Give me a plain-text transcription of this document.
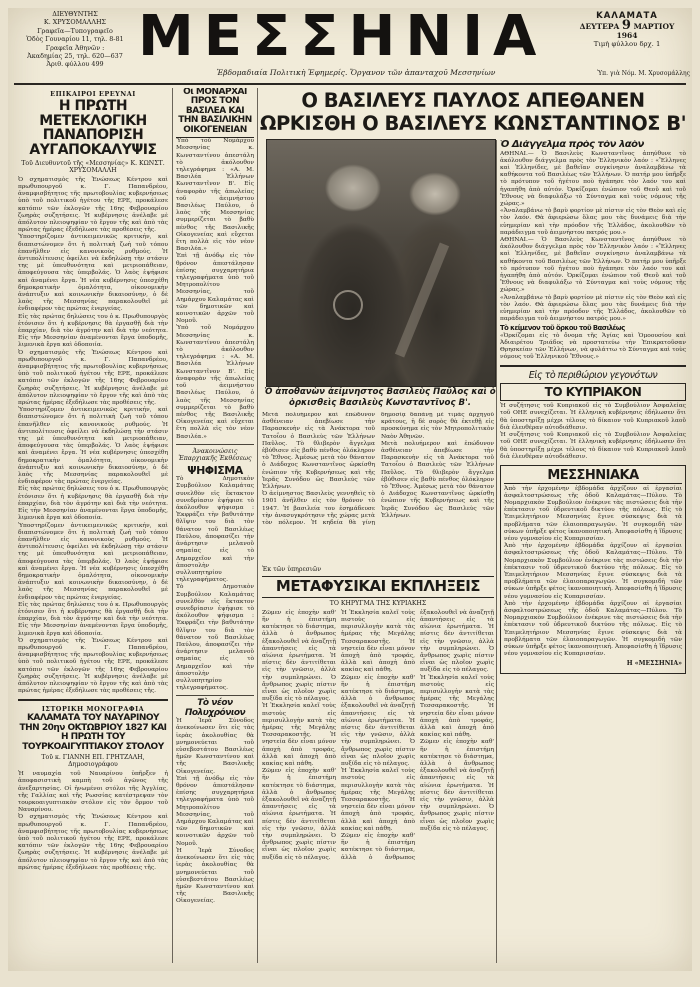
ΔΙΕΥΘΥΝΤΗΣ
Κ. ΧΡΥΣΟΜΑΛΛΗΣ
Γραφεῖα—Τυπογραφεῖο
Ὁδὸς Γουναρίου 11, τηλ. 8-81
Γραφεῖα Ἀθηνῶν :
Ἀκαδημίας 25, τηλ. 620—637
Ἀριθ. φύλλου 499 ΜΕΣΣΗΝΙΑ
Ἑβδομαδιαία Πολιτικὴ Ἐφημερίς. Ὄργανον τῶν ἁπανταχοῦ Μεσσηνίων
ΚΑΛΑΜΑΤΑ
ΔΕΥΤΕΡΑ 9 ΜΑΡΤΙΟΥ
1964
Τιμὴ φύλλου δρχ. 1
Ὑπ. γιὰ Νόμ. Μ. Χρυσομάλλης
ΕΠΙΚΑΙΡΟΙ ΕΡΕΥΝΑΙ
Η ΠΡΩΤΗ ΜΕΤΕΚΛΟΓΙΚΗ ΠΑΝΑΠΟΡΙΣΗ ΑΥΓΑΠΟΚΑΛΥΨΙΣ
Τοῦ Διευθυντοῦ τῆς «Μεσσηνίας» Κ. ΚΩΝΣΤ. ΧΡΥΣΟΜΑΛΛΗ

Ὁ σχηματισμὸς τῆς Ἑνώσεως Κέντρου καὶ πρωθυπουργοῦ κ. Γ. Παπανδρέου, ἀναμφισβήτητος τῆς πρωτοβουλίας κυβερνήσεως ὑπὸ τοῦ πολιτικοῦ ἡγέτου τῆς ΕΡΕ, προκάλεσε κατόπιν τῶν ἐκλογῶν τῆς 16ης Φεβρουαρίου ζωηρὰς συζητήσεις. Ἡ κυβέρνησις ἀνέλαβε μὲ ἀπόλυτον πλειοψηφίαν τὸ ἔργον τῆς καὶ ἀπὸ τὰς πρώτας ἡμέρας ἐξεδήλωσε τὰς προθέσεις τῆς.

Ὑποστηρίζομεν ἀντικειμενικῶς κριτικήν, καὶ διαπιστώνομεν ὅτι ἡ πολιτικὴ ζωὴ τοῦ τόπου ἐπανῆλθεν εἰς κανονικοὺς ρυθμούς. Ἡ ἀντιπολίτευσις ὀφείλει νὰ ἐκδηλώσῃ τὴν στάσιν της μὲ ὑπευθυνότητα καὶ μετριοπάθειαν, ἀποφεύγουσα τὰς ὑπερβολάς. Ὁ λαὸς ἐψήφισε καὶ ἀναμένει ἔργα. Ἡ νέα κυβέρνησις ὑπεσχέθη δημοκρατικὴν ὁμαλότητα, οἰκονομικὴν ἀνάπτυξιν καὶ κοινωνικὴν δικαιοσύνην, ὁ δὲ λαὸς τῆς Μεσσηνίας παρακολουθεῖ μὲ ἐνδιαφέρον τὰς πρώτας ἐνεργείας.

Εἰς τὰς πρώτας δηλώσεις του ὁ κ. Πρωθυπουργὸς ἐτόνισεν ὅτι ἡ κυβέρνησις θὰ ἐργασθῇ διὰ τὴν ἐπαρχίαν, διὰ τὸν ἀγρότην καὶ διὰ τὴν νεότητα. Εἰς τὴν Μεσσηνίαν ἀναμένονται ἔργα ὑποδομῆς, λιμενικὰ ἔργα καὶ ὁδοποιία.

Ὁ σχηματισμὸς τῆς Ἑνώσεως Κέντρου καὶ πρωθυπουργοῦ κ. Γ. Παπανδρέου, ἀναμφισβήτητος τῆς πρωτοβουλίας κυβερνήσεως ὑπὸ τοῦ πολιτικοῦ ἡγέτου τῆς ΕΡΕ, προκάλεσε κατόπιν τῶν ἐκλογῶν τῆς 16ης Φεβρουαρίου ζωηρὰς συζητήσεις. Ἡ κυβέρνησις ἀνέλαβε μὲ ἀπόλυτον πλειοψηφίαν τὸ ἔργον τῆς καὶ ἀπὸ τὰς πρώτας ἡμέρας ἐξεδήλωσε τὰς προθέσεις τῆς.

Ὑποστηρίζομεν ἀντικειμενικῶς κριτικήν, καὶ διαπιστώνομεν ὅτι ἡ πολιτικὴ ζωὴ τοῦ τόπου ἐπανῆλθεν εἰς κανονικοὺς ρυθμούς. Ἡ ἀντιπολίτευσις ὀφείλει νὰ ἐκδηλώσῃ τὴν στάσιν της μὲ ὑπευθυνότητα καὶ μετριοπάθειαν, ἀποφεύγουσα τὰς ὑπερβολάς. Ὁ λαὸς ἐψήφισε καὶ ἀναμένει ἔργα. Ἡ νέα κυβέρνησις ὑπεσχέθη δημοκρατικὴν ὁμαλότητα, οἰκονομικὴν ἀνάπτυξιν καὶ κοινωνικὴν δικαιοσύνην, ὁ δὲ λαὸς τῆς Μεσσηνίας παρακολουθεῖ μὲ ἐνδιαφέρον τὰς πρώτας ἐνεργείας.

Εἰς τὰς πρώτας δηλώσεις του ὁ κ. Πρωθυπουργὸς ἐτόνισεν ὅτι ἡ κυβέρνησις θὰ ἐργασθῇ διὰ τὴν ἐπαρχίαν, διὰ τὸν ἀγρότην καὶ διὰ τὴν νεότητα. Εἰς τὴν Μεσσηνίαν ἀναμένονται ἔργα ὑποδομῆς, λιμενικὰ ἔργα καὶ ὁδοποιία.

Ὑποστηρίζομεν ἀντικειμενικῶς κριτικήν, καὶ διαπιστώνομεν ὅτι ἡ πολιτικὴ ζωὴ τοῦ τόπου ἐπανῆλθεν εἰς κανονικοὺς ρυθμούς. Ἡ ἀντιπολίτευσις ὀφείλει νὰ ἐκδηλώσῃ τὴν στάσιν της μὲ ὑπευθυνότητα καὶ μετριοπάθειαν, ἀποφεύγουσα τὰς ὑπερβολάς. Ὁ λαὸς ἐψήφισε καὶ ἀναμένει ἔργα. Ἡ νέα κυβέρνησις ὑπεσχέθη δημοκρατικὴν ὁμαλότητα, οἰκονομικὴν ἀνάπτυξιν καὶ κοινωνικὴν δικαιοσύνην, ὁ δὲ λαὸς τῆς Μεσσηνίας παρακολουθεῖ μὲ ἐνδιαφέρον τὰς πρώτας ἐνεργείας.

Εἰς τὰς πρώτας δηλώσεις του ὁ κ. Πρωθυπουργὸς ἐτόνισεν ὅτι ἡ κυβέρνησις θὰ ἐργασθῇ διὰ τὴν ἐπαρχίαν, διὰ τὸν ἀγρότην καὶ διὰ τὴν νεότητα. Εἰς τὴν Μεσσηνίαν ἀναμένονται ἔργα ὑποδομῆς, λιμενικὰ ἔργα καὶ ὁδοποιία.

Ὁ σχηματισμὸς τῆς Ἑνώσεως Κέντρου καὶ πρωθυπουργοῦ κ. Γ. Παπανδρέου, ἀναμφισβήτητος τῆς πρωτοβουλίας κυβερνήσεως ὑπὸ τοῦ πολιτικοῦ ἡγέτου τῆς ΕΡΕ, προκάλεσε κατόπιν τῶν ἐκλογῶν τῆς 16ης Φεβρουαρίου ζωηρὰς συζητήσεις. Ἡ κυβέρνησις ἀνέλαβε μὲ ἀπόλυτον πλειοψηφίαν τὸ ἔργον τῆς καὶ ἀπὸ τὰς πρώτας ἡμέρας ἐξεδήλωσε τὰς προθέσεις τῆς.

ΙΣΤΟΡΙΚΗ ΜΟΝΟΓΡΑΦΙΑ
ΚΑΛΑΜΑΤΑ ΤΟΥ ΝΑΥΑΡΙΝΟΥ ΤΗΝ 20ην ΟΚΤΩΒΡΙΟΥ 1827 ΚΑΙ Η ΠΡΩΤΗ ΤΟΥ ΤΟΥΡΚΟΑΙΓΥΠΤΙΑΚΟΥ ΣΤΟΛΟΥ
Τοῦ κ. ΓΙΑΝΝΗ ΕΠ. ΓΡΗΤΖΑΛΗ, Δημοσιογράφου

Ἡ ναυμαχία τοῦ Ναυαρίνου ὑπῆρξεν ἡ ἀποφασιστικὴ καμπὴ τοῦ ἀγῶνος τῆς ἀνεξαρτησίας. Οἱ ἡνωμένοι στόλοι τῆς Ἀγγλίας, τῆς Γαλλίας καὶ τῆς Ρωσσίας κατέστρεψαν τὸν τουρκοαιγυπτιακὸν στόλον εἰς τὸν ὅρμον τοῦ Ναυαρίνου.

Ὁ σχηματισμὸς τῆς Ἑνώσεως Κέντρου καὶ πρωθυπουργοῦ κ. Γ. Παπανδρέου, ἀναμφισβήτητος τῆς πρωτοβουλίας κυβερνήσεως ὑπὸ τοῦ πολιτικοῦ ἡγέτου τῆς ΕΡΕ, προκάλεσε κατόπιν τῶν ἐκλογῶν τῆς 16ης Φεβρουαρίου ζωηρὰς συζητήσεις. Ἡ κυβέρνησις ἀνέλαβε μὲ ἀπόλυτον πλειοψηφίαν τὸ ἔργον τῆς καὶ ἀπὸ τὰς πρώτας ἡμέρας ἐξεδήλωσε τὰς προθέσεις τῆς.

Οἱ ΜΟΝΑΡΧΑΙ ΠΡΟΣ ΤΟΝ ΒΑΣΙΛΕΑ ΚΑΙ ΤΗΝ ΒΑΣΙΛΙΚΗΝ ΟΙΚΟΓΕΝΕΙΑΝ

Ὑπὸ τοῦ Νομάρχου Μεσσηνίας κ. Κωνσταντίνου ἀπεστάλη τὸ ἀκόλουθον τηλεγράφημα : «Α. Μ. Βασιλέα Ἑλλήνων Κωνσταντῖνον Β'. Εἰς ἀναφορὰν τῆς ἀπωλείας τοῦ ἀειμνήστου Βασιλέως Παύλου, ὁ λαὸς τῆς Μεσσηνίας συμμερίζεται τὸ βαθὺ πένθος τῆς Βασιλικῆς Οἰκογενείας καὶ εὔχεται ἔτη πολλὰ εἰς τὸν νέον Βασιλέα.»

Ἐπὶ τῇ ἀνόδῳ εἰς τὸν θρόνον ἀπεστάλησαν ἐπίσης συγχαρητήρια τηλεγραφήματα ὑπὸ τοῦ Μητροπολίτου Μεσσηνίας, τοῦ Δημάρχου Καλαμάτας καὶ τῶν δημοτικῶν καὶ κοινοτικῶν ἀρχῶν τοῦ Νομοῦ.

Ὑπὸ τοῦ Νομάρχου Μεσσηνίας κ. Κωνσταντίνου ἀπεστάλη τὸ ἀκόλουθον τηλεγράφημα : «Α. Μ. Βασιλέα Ἑλλήνων Κωνσταντῖνον Β'. Εἰς ἀναφορὰν τῆς ἀπωλείας τοῦ ἀειμνήστου Βασιλέως Παύλου, ὁ λαὸς τῆς Μεσσηνίας συμμερίζεται τὸ βαθὺ πένθος τῆς Βασιλικῆς Οἰκογενείας καὶ εὔχεται ἔτη πολλὰ εἰς τὸν νέον Βασιλέα.»

Ἀνακοινώσεις Ἐπαρχιακῆς Ἐκθέσεως
ΨΗΦΙΣΜΑ

Τὸ Δημοτικὸν Συμβούλιον Καλαμάτας συνελθὸν εἰς ἔκτακτον συνεδρίασιν ἐψήφισε τὸ ἀκόλουθον ψήφισμα : Ἐκφράζει τὴν βαθυτάτην θλῖψιν του διὰ τὸν θάνατον τοῦ Βασιλέως Παύλου, ἀποφασίζει τὴν ἀνάρτησιν μελανοῦ σημαίας εἰς τὸ Δημαρχεῖον καὶ τὴν ἀποστολὴν συλλυπητηρίου τηλεγραφήματος.

Τὸ Δημοτικὸν Συμβούλιον Καλαμάτας συνελθὸν εἰς ἔκτακτον συνεδρίασιν ἐψήφισε τὸ ἀκόλουθον ψήφισμα : Ἐκφράζει τὴν βαθυτάτην θλῖψιν του διὰ τὸν θάνατον τοῦ Βασιλέως Παύλου, ἀποφασίζει τὴν ἀνάρτησιν μελανοῦ σημαίας εἰς τὸ Δημαρχεῖον καὶ τὴν ἀποστολὴν συλλυπητηρίου τηλεγραφήματος.

Τὸ νέον Πολυχρόνιον

Ἡ Ἱερὰ Σύνοδος ἀνεκοίνωσεν ὅτι εἰς τὰς ἱερὰς ἀκολουθίας θὰ μνημονεύεται τοῦ εὐσεβεστάτου Βασιλέως ἡμῶν Κωνσταντίνου καὶ τῆς Βασιλικῆς Οἰκογενείας.

Ἐπὶ τῇ ἀνόδῳ εἰς τὸν θρόνον ἀπεστάλησαν ἐπίσης συγχαρητήρια τηλεγραφήματα ὑπὸ τοῦ Μητροπολίτου Μεσσηνίας, τοῦ Δημάρχου Καλαμάτας καὶ τῶν δημοτικῶν καὶ κοινοτικῶν ἀρχῶν τοῦ Νομοῦ.

Ἡ Ἱερὰ Σύνοδος ἀνεκοίνωσεν ὅτι εἰς τὰς ἱερὰς ἀκολουθίας θὰ μνημονεύεται τοῦ εὐσεβεστάτου Βασιλέως ἡμῶν Κωνσταντίνου καὶ τῆς Βασιλικῆς Οἰκογενείας.

Ο ΒΑΣΙΛΕΥΣ ΠΑΥΛΟΣ ΑΠΕΘΑΝΕΝ
ΩΡΚΙΣΘΗ Ο ΒΑΣΙΛΕΥΣ ΚΩΝΣΤΑΝΤΙΝΟΣ Β'
Ὁ ἀποθανὼν ἀείμνηστος Βασιλεὺς Παῦλος καὶ ὁ ὁρκισθεὶς Βασιλεὺς Κωνσταντῖνος Β'.

Μετὰ πολυήμερον καὶ ἐπώδυνον ἀσθένειαν ἀπεβίωσε τὴν Παρασκευὴν εἰς τὰ Ἀνάκτορα τοῦ Τατοΐου ὁ Βασιλεὺς τῶν Ἑλλήνων Παῦλος. Τὸ θλιβερὸν ἄγγελμα ἐβύθισεν εἰς βαθὺ πένθος ὁλόκληρον τὸ Ἔθνος. Ἀμέσως μετὰ τὸν θάνατον ὁ Διάδοχος Κωνσταντῖνος ὡρκίσθη ἐνώπιον τῆς Κυβερνήσεως καὶ τῆς Ἱερᾶς Συνόδου ὡς Βασιλεὺς τῶν Ἑλλήνων.

Ὁ ἀείμνηστος Βασιλεὺς γεννηθεὶς τὸ 1901 ἀνῆλθεν εἰς τὸν θρόνον τὸ 1947. Ἡ βασιλεία του ἐσημάδευσε τὴν ἀνασυγκρότησιν τῆς χώρας μετὰ τὸν πόλεμον. Ἡ κηδεία θὰ γίνῃ δημοσίᾳ δαπάνῃ μὲ τιμὰς ἀρχηγοῦ κράτους, ἡ δὲ σορὸς θὰ ἐκτεθῇ εἰς προσκύνημα εἰς τὸν Μητροπολιτικὸν Ναὸν Ἀθηνῶν.

Μετὰ πολυήμερον καὶ ἐπώδυνον ἀσθένειαν ἀπεβίωσε τὴν Παρασκευὴν εἰς τὰ Ἀνάκτορα τοῦ Τατοΐου ὁ Βασιλεὺς τῶν Ἑλλήνων Παῦλος. Τὸ θλιβερὸν ἄγγελμα ἐβύθισεν εἰς βαθὺ πένθος ὁλόκληρον τὸ Ἔθνος. Ἀμέσως μετὰ τὸν θάνατον ὁ Διάδοχος Κωνσταντῖνος ὡρκίσθη ἐνώπιον τῆς Κυβερνήσεως καὶ τῆς Ἱερᾶς Συνόδου ὡς Βασιλεὺς τῶν Ἑλλήνων.

Ἐκ τῶν ὑπηρεσιῶν
ΜΕΤΑΦΥΣΙΚΑΙ ΕΚΠΛΗΞΕΙΣ
ΤΟ ΚΗΡΥΓΜΑ ΤΗΣ ΚΥΡΙΑΚΗΣ

Ζῶμεν εἰς ἐποχὴν καθ' ἣν ἡ ἐπιστήμη κατέκτησε τὸ διάστημα, ἀλλὰ ὁ ἄνθρωπος ἐξακολουθεῖ νὰ ἀναζητῇ ἀπαντήσεις εἰς τὰ αἰώνια ἐρωτήματα. Ἡ πίστις δὲν ἀντιτίθεται εἰς τὴν γνῶσιν, ἀλλὰ τὴν συμπληρώνει. Ὁ ἄνθρωπος χωρὶς πίστιν εἶναι ὡς πλοῖον χωρὶς πυξίδα εἰς τὸ πέλαγος.

Ἡ Ἐκκλησία καλεῖ τοὺς πιστοὺς εἰς περισυλλογὴν κατὰ τὰς ἡμέρας τῆς Μεγάλης Τεσσαρακοστῆς. Ἡ νηστεία δὲν εἶναι μόνον ἀποχὴ ἀπὸ τροφάς, ἀλλὰ καὶ ἀποχὴ ἀπὸ κακίας καὶ πάθη.

Ζῶμεν εἰς ἐποχὴν καθ' ἣν ἡ ἐπιστήμη κατέκτησε τὸ διάστημα, ἀλλὰ ὁ ἄνθρωπος ἐξακολουθεῖ νὰ ἀναζητῇ ἀπαντήσεις εἰς τὰ αἰώνια ἐρωτήματα. Ἡ πίστις δὲν ἀντιτίθεται εἰς τὴν γνῶσιν, ἀλλὰ τὴν συμπληρώνει. Ὁ ἄνθρωπος χωρὶς πίστιν εἶναι ὡς πλοῖον χωρὶς πυξίδα εἰς τὸ πέλαγος.

Ἡ Ἐκκλησία καλεῖ τοὺς πιστοὺς εἰς περισυλλογὴν κατὰ τὰς ἡμέρας τῆς Μεγάλης Τεσσαρακοστῆς. Ἡ νηστεία δὲν εἶναι μόνον ἀποχὴ ἀπὸ τροφάς, ἀλλὰ καὶ ἀποχὴ ἀπὸ κακίας καὶ πάθη.

Ζῶμεν εἰς ἐποχὴν καθ' ἣν ἡ ἐπιστήμη κατέκτησε τὸ διάστημα, ἀλλὰ ὁ ἄνθρωπος ἐξακολουθεῖ νὰ ἀναζητῇ ἀπαντήσεις εἰς τὰ αἰώνια ἐρωτήματα. Ἡ πίστις δὲν ἀντιτίθεται εἰς τὴν γνῶσιν, ἀλλὰ τὴν συμπληρώνει. Ὁ ἄνθρωπος χωρὶς πίστιν εἶναι ὡς πλοῖον χωρὶς πυξίδα εἰς τὸ πέλαγος.

Ἡ Ἐκκλησία καλεῖ τοὺς πιστοὺς εἰς περισυλλογὴν κατὰ τὰς ἡμέρας τῆς Μεγάλης Τεσσαρακοστῆς. Ἡ νηστεία δὲν εἶναι μόνον ἀποχὴ ἀπὸ τροφάς, ἀλλὰ καὶ ἀποχὴ ἀπὸ κακίας καὶ πάθη.

Ζῶμεν εἰς ἐποχὴν καθ' ἣν ἡ ἐπιστήμη κατέκτησε τὸ διάστημα, ἀλλὰ ὁ ἄνθρωπος ἐξακολουθεῖ νὰ ἀναζητῇ ἀπαντήσεις εἰς τὰ αἰώνια ἐρωτήματα. Ἡ πίστις δὲν ἀντιτίθεται εἰς τὴν γνῶσιν, ἀλλὰ τὴν συμπληρώνει. Ὁ ἄνθρωπος χωρὶς πίστιν εἶναι ὡς πλοῖον χωρὶς πυξίδα εἰς τὸ πέλαγος.

Ἡ Ἐκκλησία καλεῖ τοὺς πιστοὺς εἰς περισυλλογὴν κατὰ τὰς ἡμέρας τῆς Μεγάλης Τεσσαρακοστῆς. Ἡ νηστεία δὲν εἶναι μόνον ἀποχὴ ἀπὸ τροφάς, ἀλλὰ καὶ ἀποχὴ ἀπὸ κακίας καὶ πάθη.

Ζῶμεν εἰς ἐποχὴν καθ' ἣν ἡ ἐπιστήμη κατέκτησε τὸ διάστημα, ἀλλὰ ὁ ἄνθρωπος ἐξακολουθεῖ νὰ ἀναζητῇ ἀπαντήσεις εἰς τὰ αἰώνια ἐρωτήματα. Ἡ πίστις δὲν ἀντιτίθεται εἰς τὴν γνῶσιν, ἀλλὰ τὴν συμπληρώνει. Ὁ ἄνθρωπος χωρὶς πίστιν εἶναι ὡς πλοῖον χωρὶς πυξίδα εἰς τὸ πέλαγος.

Ὁ Διάγγελμα πρὸς τὸν λαόν

ΑΘΗΝΑΙ.— Ὁ Βασιλεὺς Κωνσταντῖνος ἀπηύθυνε τὸ ἀκόλουθον διάγγελμα πρὸς τὸν Ἑλληνικὸν λαόν : «Ἕλληνες καὶ Ἑλληνίδες, μὲ βαθεῖαν συγκίνησιν ἀναλαμβάνω τὰ καθήκοντα τοῦ Βασιλέως τῶν Ἑλλήνων. Ὁ πατήρ μου ὑπῆρξε τὸ πρότυπον τοῦ ἡγέτου ποὺ ἠγάπησε τὸν λαόν του καὶ ἠγαπήθη ἀπὸ αὐτόν. Ὁρκίζομαι ἐνώπιον τοῦ Θεοῦ καὶ τοῦ Ἔθνους νὰ διαφυλάξω τὸ Σύνταγμα καὶ τοὺς νόμους τῆς χώρας.»

«Ἀναλαμβάνω τὸ βαρὺ φορτίον μὲ πίστιν εἰς τὸν Θεὸν καὶ εἰς τὸν λαόν. Θὰ ἀφιερώσω ὅλας μου τὰς δυνάμεις διὰ τὴν εὐημερίαν καὶ τὴν πρόοδον τῆς Ἑλλάδος, ἀκολουθῶν τὸ παράδειγμα τοῦ ἀειμνήστου πατρός μου.»

ΑΘΗΝΑΙ.— Ὁ Βασιλεὺς Κωνσταντῖνος ἀπηύθυνε τὸ ἀκόλουθον διάγγελμα πρὸς τὸν Ἑλληνικὸν λαόν : «Ἕλληνες καὶ Ἑλληνίδες, μὲ βαθεῖαν συγκίνησιν ἀναλαμβάνω τὰ καθήκοντα τοῦ Βασιλέως τῶν Ἑλλήνων. Ὁ πατήρ μου ὑπῆρξε τὸ πρότυπον τοῦ ἡγέτου ποὺ ἠγάπησε τὸν λαόν του καὶ ἠγαπήθη ἀπὸ αὐτόν. Ὁρκίζομαι ἐνώπιον τοῦ Θεοῦ καὶ τοῦ Ἔθνους νὰ διαφυλάξω τὸ Σύνταγμα καὶ τοὺς νόμους τῆς χώρας.»

«Ἀναλαμβάνω τὸ βαρὺ φορτίον μὲ πίστιν εἰς τὸν Θεὸν καὶ εἰς τὸν λαόν. Θὰ ἀφιερώσω ὅλας μου τὰς δυνάμεις διὰ τὴν εὐημερίαν καὶ τὴν πρόοδον τῆς Ἑλλάδος, ἀκολουθῶν τὸ παράδειγμα τοῦ ἀειμνήστου πατρός μου.»

Τὸ κείμενον τοῦ ὅρκου τοῦ Βασιλέως

«Ὀρκίζομαι εἰς τὸ ὄνομα τῆς Ἁγίας καὶ Ὁμοουσίου καὶ Ἀδιαιρέτου Τριάδος νὰ προστατεύω τὴν Ἐπικρατοῦσαν Θρησκείαν τῶν Ἑλλήνων, νὰ φυλάττω τὸ Σύνταγμα καὶ τοὺς νόμους τοῦ Ἑλληνικοῦ Ἔθνους.»

Εἰς τὸ περιθώριον γεγονότων
ΤΟ ΚΥΠΡΙΑΚΟΝ

Ἡ συζήτησις τοῦ Κυπριακοῦ εἰς τὸ Συμβούλιον Ἀσφαλείας τοῦ ΟΗΕ συνεχίζεται. Ἡ ἑλληνικὴ κυβέρνησις ἐδήλωσεν ὅτι θὰ ὑποστηρίξῃ μέχρι τέλους τὸ δίκαιον τοῦ Κυπριακοῦ λαοῦ διὰ ἐλευθέραν αὐτοδιάθεσιν.

Ἡ συζήτησις τοῦ Κυπριακοῦ εἰς τὸ Συμβούλιον Ἀσφαλείας τοῦ ΟΗΕ συνεχίζεται. Ἡ ἑλληνικὴ κυβέρνησις ἐδήλωσεν ὅτι θὰ ὑποστηρίξῃ μέχρι τέλους τὸ δίκαιον τοῦ Κυπριακοῦ λαοῦ διὰ ἐλευθέραν αὐτοδιάθεσιν.

ΜΕΣΣΗΝΙΑΚΑ

Ἀπὸ τὴν ἐρχομένην ἑβδομάδα ἀρχίζουν αἱ ἐργασίαι ἀσφαλτοστρώσεως τῆς ὁδοῦ Καλαμάτας—Πύλου. Τὸ Νομαρχιακὸν Συμβούλιον ἐνέκρινε τὰς πιστώσεις διὰ τὴν ἐπέκτασιν τοῦ ὑδρευτικοῦ δικτύου τῆς πόλεως. Εἰς τὸ Ἐπιμελητήριον Μεσσηνίας ἔγινε σύσκεψις διὰ τὰ προβλήματα τῶν ἐλαιοπαραγωγῶν. Ἡ συγκομιδὴ τῶν σύκων ὑπῆρξε φέτος ἱκανοποιητική. Ἀπεφασίσθη ἡ ἵδρυσις νέου γυμνασίου εἰς Κυπαρισσίαν.

Ἀπὸ τὴν ἐρχομένην ἑβδομάδα ἀρχίζουν αἱ ἐργασίαι ἀσφαλτοστρώσεως τῆς ὁδοῦ Καλαμάτας—Πύλου. Τὸ Νομαρχιακὸν Συμβούλιον ἐνέκρινε τὰς πιστώσεις διὰ τὴν ἐπέκτασιν τοῦ ὑδρευτικοῦ δικτύου τῆς πόλεως. Εἰς τὸ Ἐπιμελητήριον Μεσσηνίας ἔγινε σύσκεψις διὰ τὰ προβλήματα τῶν ἐλαιοπαραγωγῶν. Ἡ συγκομιδὴ τῶν σύκων ὑπῆρξε φέτος ἱκανοποιητική. Ἀπεφασίσθη ἡ ἵδρυσις νέου γυμνασίου εἰς Κυπαρισσίαν.

Ἀπὸ τὴν ἐρχομένην ἑβδομάδα ἀρχίζουν αἱ ἐργασίαι ἀσφαλτοστρώσεως τῆς ὁδοῦ Καλαμάτας—Πύλου. Τὸ Νομαρχιακὸν Συμβούλιον ἐνέκρινε τὰς πιστώσεις διὰ τὴν ἐπέκτασιν τοῦ ὑδρευτικοῦ δικτύου τῆς πόλεως. Εἰς τὸ Ἐπιμελητήριον Μεσσηνίας ἔγινε σύσκεψις διὰ τὰ προβλήματα τῶν ἐλαιοπαραγωγῶν. Ἡ συγκομιδὴ τῶν σύκων ὑπῆρξε φέτος ἱκανοποιητική. Ἀπεφασίσθη ἡ ἵδρυσις νέου γυμνασίου εἰς Κυπαρισσίαν.

Η «ΜΕΣΣΗΝΙΑ»
